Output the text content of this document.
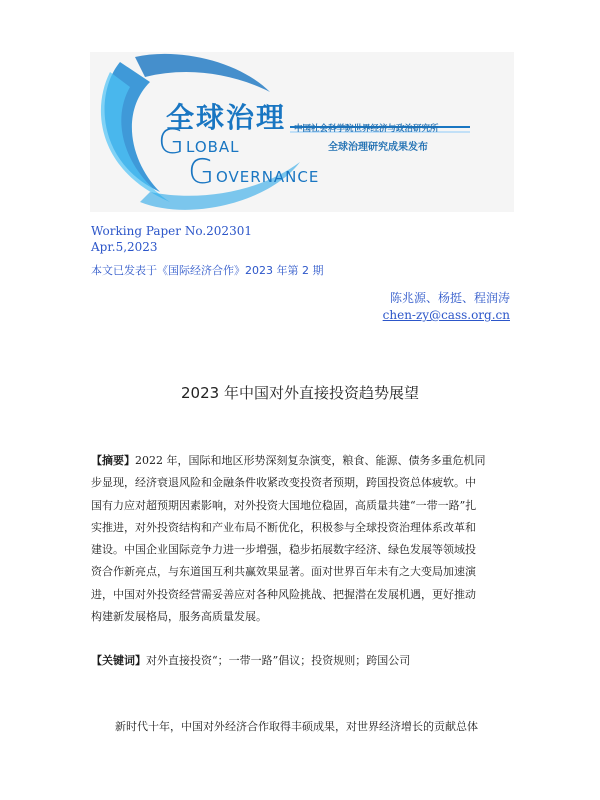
全球治理 中国社会科学院世界经济与政治研究所
全球治理研究成果发布
G LOBAL
G OVERNANCE
Working Paper No.202301
Apr.5,2023
本文已发表于《国际经济合作》2023 年第 2 期
陈兆源、杨挺、程润涛
chen-zy@cass.org.cn
2023 年中国对外直接投资趋势展望
【摘要】2022 年，国际和地区形势深刻复杂演变，粮食、能源、债务多重危机同
步显现，经济衰退风险和金融条件收紧改变投资者预期，跨国投资总体疲软。中
国有力应对超预期因素影响，对外投资大国地位稳固，高质量共建“一带一路”扎
实推进，对外投资结构和产业布局不断优化，积极参与全球投资治理体系改革和
建设。中国企业国际竞争力进一步增强，稳步拓展数字经济、绿色发展等领域投
资合作新亮点，与东道国互利共赢效果显著。面对世界百年未有之大变局加速演
进，中国对外投资经营需妥善应对各种风险挑战、把握潜在发展机遇，更好推动
构建新发展格局，服务高质量发展。
【关键词】对外直接投资“；一带一路”倡议；投资规则；跨国公司
新时代十年，中国对外经济合作取得丰硕成果，对世界经济增长的贡献总体
